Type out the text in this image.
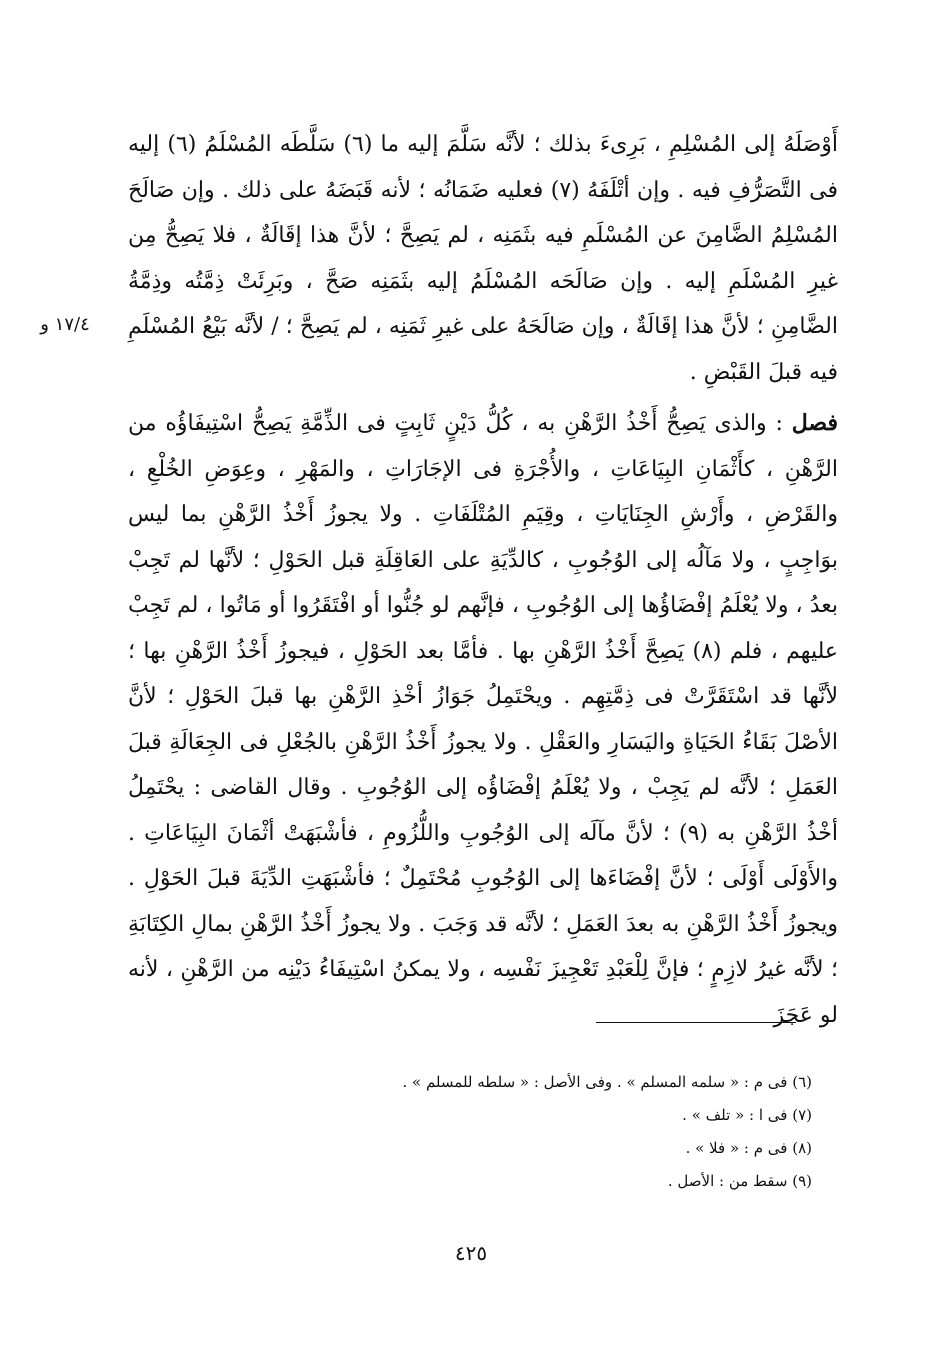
١٧/٤ و

أَوْصَلَهُ إلى المُسْلِمِ ، بَرِىءَ بذلك ؛ لأنَّه سَلَّمَ إليه ما (٦) سَلَّطَه المُسْلَمُ (٦) إليه فى التَّصَرُّفِ فيه . وإن أتْلَفَهُ (٧) فعليه ضَمَانُه ؛ لأنه قَبَضَهُ على ذلك . وإن صَالَحَ المُسْلِمُ الضَّامِنَ عن المُسْلَمِ فيه بثَمَنِه ، لم يَصِحَّ ؛ لأنَّ هذا إقَالَةٌ ، فلا يَصِحُّ مِن غيرِ المُسْلَمِ إليه . وإن صَالَحَه المُسْلَمُ إليه بثَمَنِه صَحَّ ، وبَرِئَتْ ذِمَّتُه وذِمَّةُ الضَّامِنِ ؛ لأنَّ هذا إقَالَةٌ ، وإن صَالَحَهُ على غيرِ ثَمَنِه ، لم يَصِحَّ ؛ / لأنَّه بَيْعُ المُسْلَمِ فيه قبلَ القَبْضِ .

فصل : والذى يَصِحُّ أَخْذُ الرَّهْنِ به ، كُلُّ دَيْنٍ ثَابِتٍ فى الذِّمَّةِ يَصِحُّ اسْتِيفَاؤُه من الرَّهْنِ ، كأَثْمَانِ البِيَاعَاتِ ، والأُجْرَةِ فى الإجَارَاتِ ، والمَهْرِ ، وعِوَضِ الخُلْعِ ، والقَرْضِ ، وأَرْشِ الجِنَايَاتِ ، وقِيَمِ المُتْلَفَاتِ . ولا يجوزُ أَخْذُ الرَّهْنِ بما ليس بوَاجِبٍ ، ولا مَآلُه إلى الوُجُوبِ ، كالدِّيَةِ على العَاقِلَةِ قبل الحَوْلِ ؛ لأنَّها لم تَجِبْ بعدُ ، ولا يُعْلَمُ إفْضَاؤُها إلى الوُجُوبِ ، فإنَّهم لو جُنُّوا أو افْتَقَرُوا أو مَاتُوا ، لم تَجِبْ عليهم ، فلم (٨) يَصِحَّ أَخْذُ الرَّهْنِ بها . فأمَّا بعد الحَوْلِ ، فيجوزُ أَخْذُ الرَّهْنِ بها ؛ لأنَّها قد اسْتَقَرَّتْ فى ذِمَّتِهِم . ويحْتَمِلُ جَوَازُ أخْذِ الرَّهْنِ بها قبلَ الحَوْلِ ؛ لأنَّ الأصْلَ بَقَاءُ الحَيَاةِ واليَسَارِ والعَقْلِ . ولا يجوزُ أَخْذُ الرَّهْنِ بالجُعْلِ فى الجِعَالَةِ قبلَ العَمَلِ ؛ لأنَّه لم يَجِبْ ، ولا يُعْلَمُ إفْضَاؤُه إلى الوُجُوبِ . وقال القاضى : يحْتَمِلُ أخْذُ الرَّهْنِ به (٩) ؛ لأنَّ مآلَه إلى الوُجُوبِ واللُّزُومِ ، فأشْبَهَتْ أثْمَانَ البِيَاعَاتِ . والأَوْلَى أَوْلَى ؛ لأنَّ إفْضَاءَها إلى الوُجُوبِ مُحْتَمِلٌ ؛ فأشْبَهَتِ الدِّيَةَ قبلَ الحَوْلِ . ويجوزُ أَخْذُ الرَّهْنِ به بعدَ العَمَلِ ؛ لأنَّه قد وَجَبَ . ولا يجوزُ أَخْذُ الرَّهْنِ بمالِ الكِتَابَةِ ؛ لأنَّه غيرُ لازِمٍ ؛ فإنَّ لِلْعَبْدِ تَعْجِيزَ نَفْسِه ، ولا يمكنُ اسْتِيفَاءُ دَيْنِه من الرَّهْنِ ، لأنه لو عَجَزَ

(٦) فى م : « سلمه المسلم » . وفى الأصل : « سلطه للمسلم » .
(٧) فى ا : « تلف » .
(٨) فى م : « فلا » .
(٩) سقط من : الأصل .
٤٢٥
